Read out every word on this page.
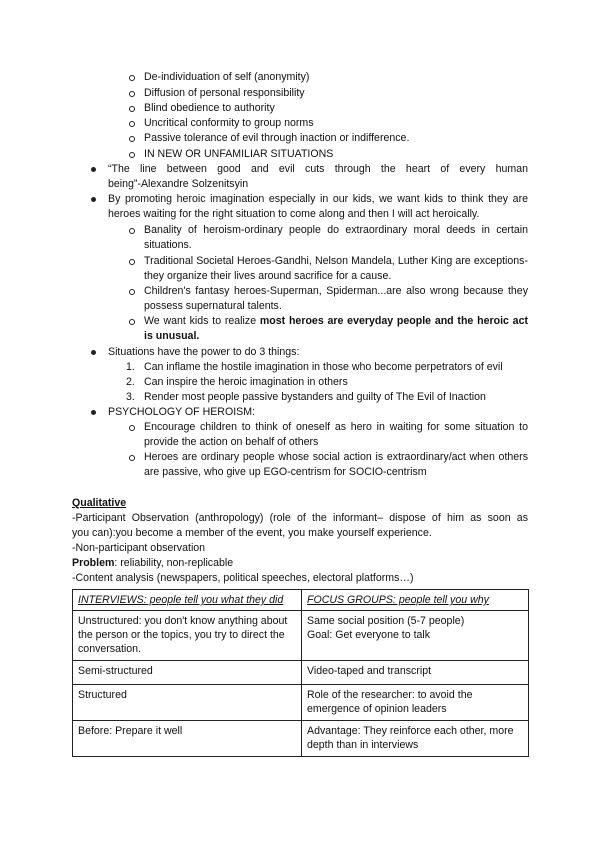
De-individuation of self (anonymity)
Diffusion of personal responsibility
Blind obedience to authority
Uncritical conformity to group norms
Passive tolerance of evil through inaction or indifference.
IN NEW OR UNFAMILIAR SITUATIONS
“The line between good and evil cuts through the heart of every human
being”-Alexandre Solzenitsyin
By promoting heroic imagination especially in our kids, we want kids to think they are
heroes waiting for the right situation to come along and then I will act heroically.
Banality of heroism-ordinary people do extraordinary moral deeds in certain situations.
Traditional Societal Heroes-Gandhi, Nelson Mandela, Luther King are exceptions-they organize their lives around sacrifice for a cause.
Children's fantasy heroes-Superman, Spiderman...are also wrong because they possess supernatural talents.
We want kids to realize most heroes are everyday people and the heroic act is unusual.
Situations have the power to do 3 things:
1. Can inflame the hostile imagination in those who become perpetrators of evil
2. Can inspire the heroic imagination in others
3. Render most people passive bystanders and guilty of The Evil of Inaction
PSYCHOLOGY OF HEROISM:
Encourage children to think of oneself as hero in waiting for some situation to provide the action on behalf of others
Heroes are ordinary people whose social action is extraordinary/act when others are passive, who give up EGO-centrism for SOCIO-centrism
Qualitative
-Participant Observation (anthropology) (role of the informant– dispose of him as soon as
you can):you become a member of the event, you make yourself experience.
-Non-participant observation
Problem: reliability, non-replicable
-Content analysis (newspapers, political speeches, electoral platforms…)
INTERVIEWS: people tell you what they did	FOCUS GROUPS: people tell you why
Unstructured: you don't know anything about the person or the topics, you try to direct the conversation.	Same social position (5-7 people)
Goal: Get everyone to talk
Semi-structured	Video-taped and transcript
Structured	Role of the researcher: to avoid the emergence of opinion leaders
Before: Prepare it well	Advantage: They reinforce each other, more depth than in interviews
